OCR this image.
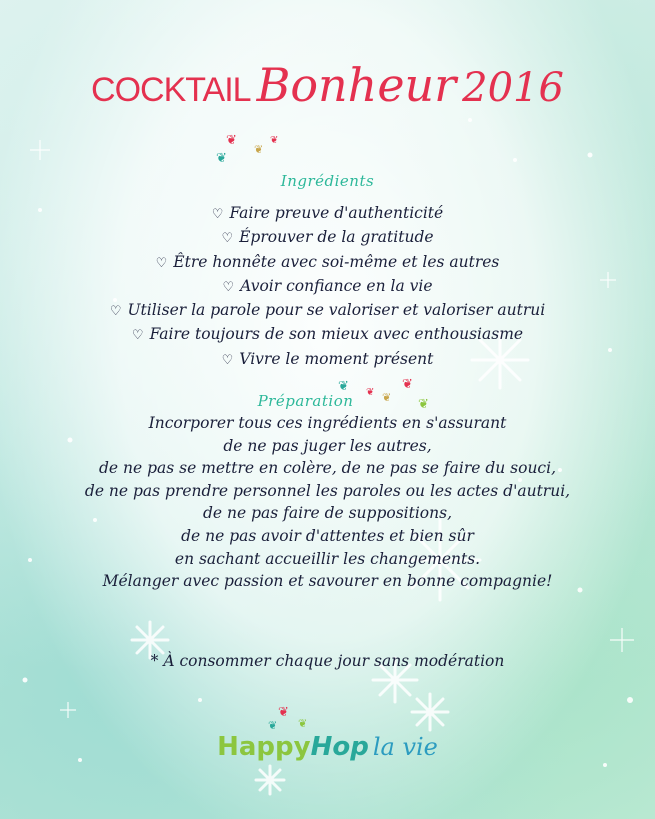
COCKTAIL Bonheur 2016
❦
❦
❦
❦
Ingrédients
♡ Faire preuve d'authenticité
♡ Éprouver de la gratitude
♡ Être honnête avec soi-même et les autres
♡ Avoir confiance en la vie
♡ Utiliser la parole pour se valoriser et valoriser autrui
♡ Faire toujours de son mieux avec enthousiasme
♡ Vivre le moment présent
❦ ❦ ❦
❦
❦
Préparation
Incorporer tous ces ingrédients en s'assurant
de ne pas juger les autres,
de ne pas se mettre en colère, de ne pas se faire du souci,
de ne pas prendre personnel les paroles ou les actes d'autrui,
de ne pas faire de suppositions,
de ne pas avoir d'attentes et bien sûr
en sachant accueillir les changements.
Mélanger avec passion et savourer en bonne compagnie!
* À consommer chaque jour sans modération
❦
❦
❦
HappyHop la vie
